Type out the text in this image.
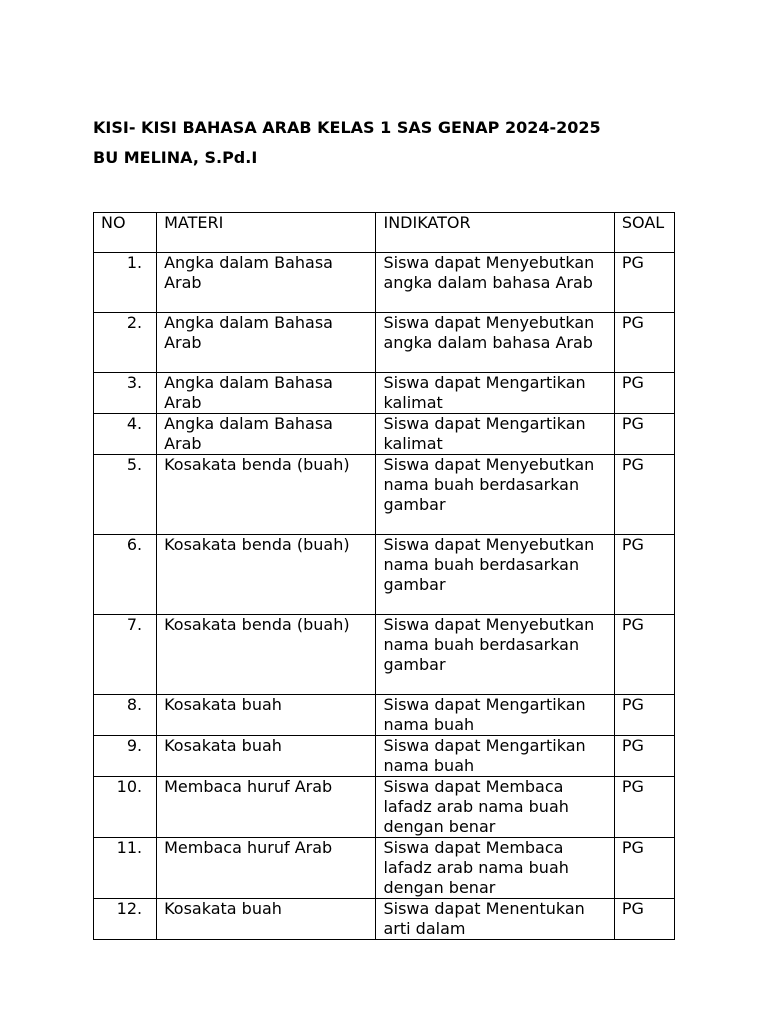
KISI- KISI BAHASA ARAB KELAS 1 SAS GENAP 2024-2025
BU MELINA, S.Pd.I
NO	MATERI	INDIKATOR	SOAL
1.	Angka dalam Bahasa Arab	Siswa dapat Menyebutkan angka dalam bahasa Arab	PG
2.	Angka dalam Bahasa Arab	Siswa dapat Menyebutkan angka dalam bahasa Arab	PG
3.	Angka dalam Bahasa Arab	Siswa dapat Mengartikan kalimat	PG
4.	Angka dalam Bahasa Arab	Siswa dapat Mengartikan kalimat	PG
5.	Kosakata benda (buah)	Siswa dapat Menyebutkan nama buah berdasarkan gambar	PG
6.	Kosakata benda (buah)	Siswa dapat Menyebutkan nama buah berdasarkan gambar	PG
7.	Kosakata benda (buah)	Siswa dapat Menyebutkan nama buah berdasarkan gambar	PG
8.	Kosakata buah	Siswa dapat Mengartikan nama buah	PG
9.	Kosakata buah	Siswa dapat Mengartikan nama buah	PG
10.	Membaca huruf Arab	Siswa dapat Membaca lafadz arab nama buah dengan benar	PG
11.	Membaca huruf Arab	Siswa dapat Membaca lafadz arab nama buah dengan benar	PG
12.	Kosakata buah	Siswa dapat Menentukan arti dalam	PG
